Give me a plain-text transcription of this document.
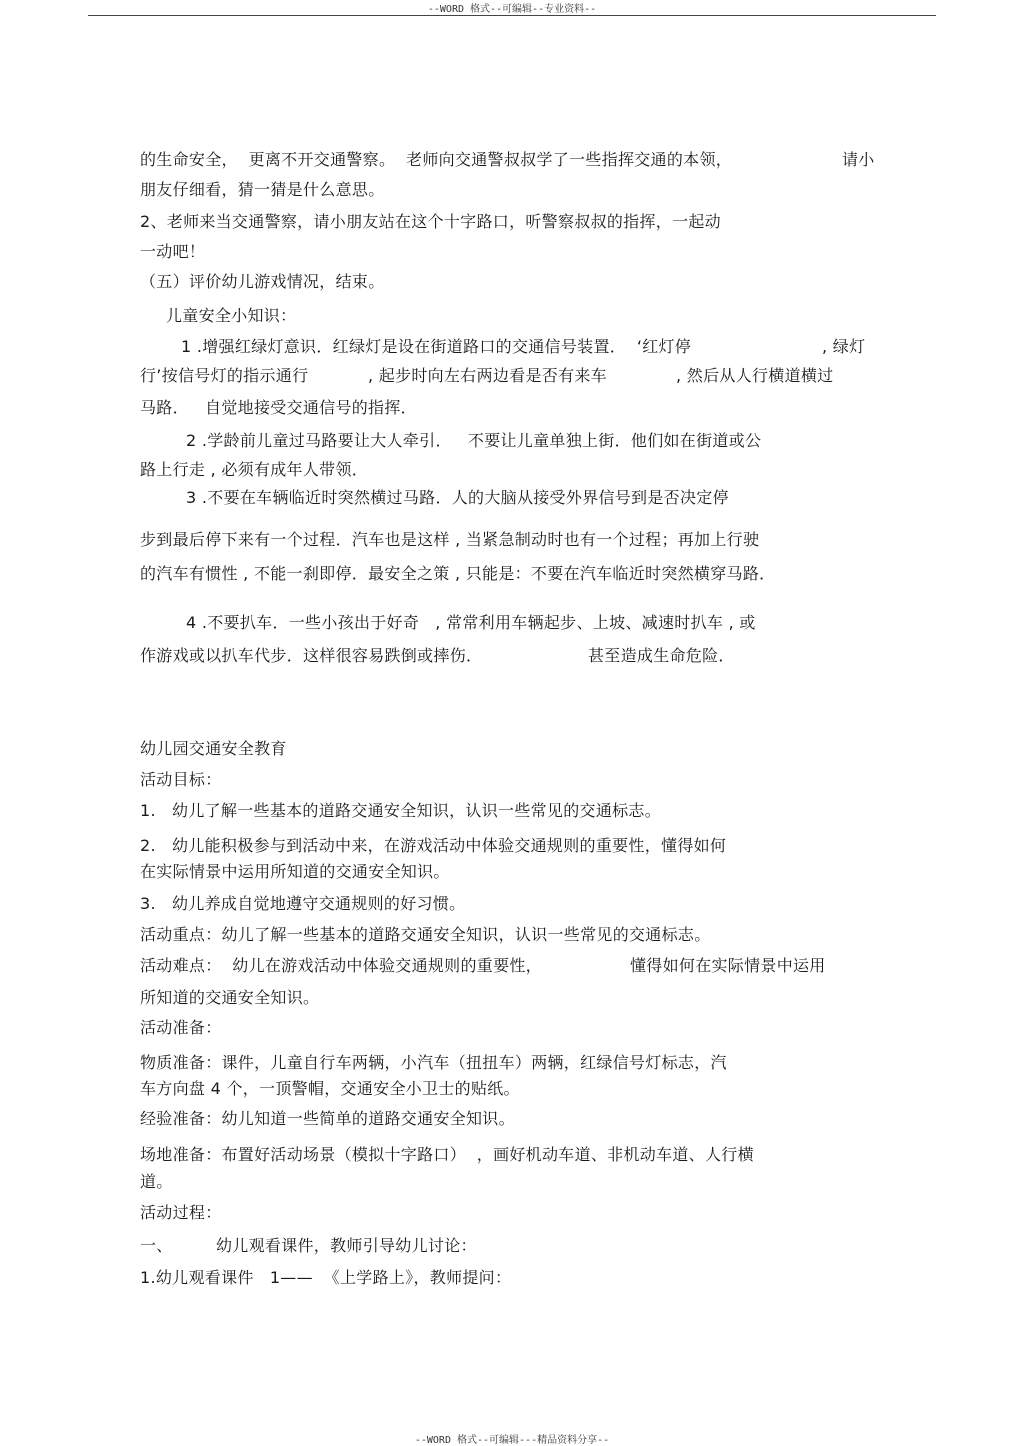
--WORD 格式--可编辑--专业资料--
的生命安全，  更离不开交通警察。  老师向交通警叔叔学了一些指挥交通的本领，	请小
朋友仔细看，猜一猜是什么意思。
2、老师来当交通警察，请小朋友站在这个十字路口，听警察叔叔的指挥，一起动
一动吧！
（五）评价幼儿游戏情况，结束。
儿童安全小知识：
1 .增强红绿灯意识．红绿灯是设在街道路口的交通信号装置．  ‘红灯停	, 绿灯
行’按信号灯的指示通行	, 起步时向左右两边看是否有来车	, 然后从人行横道横过
马路．   自觉地接受交通信号的指挥．
2 .学龄前儿童过马路要让大人牵引．   不要让儿童单独上街．他们如在街道或公
路上行走 , 必须有成年人带领．
3 .不要在车辆临近时突然横过马路．人的大脑从接受外界信号到是否决定停
步到最后停下来有一个过程．汽车也是这样 , 当紧急制动时也有一个过程；再加上行驶
的汽车有惯性 , 不能一刹即停．最安全之策 , 只能是：不要在汽车临近时突然横穿马路．
4 .不要扒车．一些小孩出于好奇   , 常常利用车辆起步、上坡、减速时扒车 , 或
作游戏或以扒车代步．这样很容易跌倒或摔伤．	甚至造成生命危险．
幼儿园交通安全教育
活动目标：
1.   幼儿了解一些基本的道路交通安全知识，认识一些常见的交通标志。
2.   幼儿能积极参与到活动中来，在游戏活动中体验交通规则的重要性，懂得如何
在实际情景中运用所知道的交通安全知识。
3.   幼儿养成自觉地遵守交通规则的好习惯。
活动重点：幼儿了解一些基本的道路交通安全知识，认识一些常见的交通标志。
活动难点：  幼儿在游戏活动中体验交通规则的重要性，	懂得如何在实际情景中运用
所知道的交通安全知识。
活动准备：
物质准备：课件，儿童自行车两辆，小汽车（扭扭车）两辆，红绿信号灯标志，汽
车方向盘 4 个，一顶警帽，交通安全小卫士的贴纸。
经验准备：幼儿知道一些简单的道路交通安全知识。
场地准备：布置好活动场景（模拟十字路口）  ，画好机动车道、非机动车道、人行横
道。
活动过程：
一、	幼儿观看课件，教师引导幼儿讨论：
1.幼儿观看课件   1——  《上学路上》，教师提问：
--WORD 格式--可编辑---精品资料分享--
